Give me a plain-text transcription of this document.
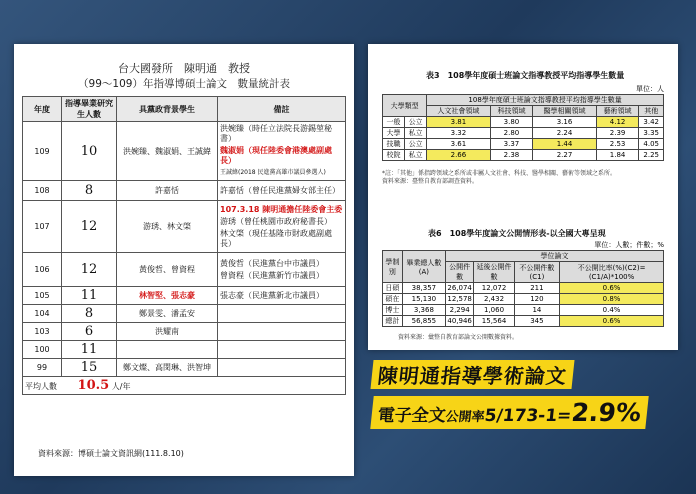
台大國發所　陳明通　教授
（99～109）年指導博碩士論文　數量統計表
年度	指導畢業研究生人數	具黨政背景學生	備註
109	10	洪婉臻、魏淑娟、王誠緯	洪婉臻（時任立法院長游錫堃秘書）
魏淑娟（現任陸委會港澳處副處長）
王誠緯(2018 民進黨高雄市議員參選人)

108	8	許嘉恬	許嘉恬（曾任民進黨婦女部主任）
107	12	游琇、林文棨	107.3.18 陳明通擔任陸委會主委
游琇（曾任桃園市政府秘書長）
林文棨（現任基隆市財政處副處長）

106	12	黃俊哲、曾資程	黃俊哲（民進黨台中市議員）
曾資程（民進黨新竹市議員）

105	11	林智堅、張志豪	張志豪（民進黨新北市議員）
104	8	鄭景雯、潘孟安	
103	6	洪耀南	
100	11		
99	15	鄭文燦、高閔琳、洪智坤	
平均人數 10.5 人/年			
資料來源：博碩士論文資訊網(111.8.10)
表3　108學年度碩士班論文指導教授平均指導學生數量
單位：人
大學類型		108學年度碩士班論文指導教授平均指導學生數量				
		人文社會領域	科技領域	醫學相關領域	藝術領域	其他
一般	公立	3.81	3.80	3.16	4.12	3.42
大學	私立	3.32	2.80	2.24	2.39	3.35
技職	公立	3.61	3.37	1.44	2.53	4.05
校院	私立	2.66	2.38	2.27	1.84	2.25
*註：「其他」係指跨領域之系所或非屬人文社會、科技、醫學相關、藝術等領域之系所。
資料來源：臺整自教育部調查資料。
表6　108學年度論文公開情形表-以全國大專呈現
單位：人數；件數；%
學制別	畢業總人數(A)	學位論文			
		公開件數	延後公開件數	不公開件數(C1)	不公開比率(%)(C2)=(C1/A)*100%
日碩	38,357	26,074	12,072	211	0.6%
碩在	15,130	12,578	2,432	120	0.8%
博士	3,368	2,294	1,060	14	0.4%
總計	56,855	40,946	15,564	345	0.6%
資料來源：彙整自教育部論文公開數據資料。
陳明通指導學術論文
電子全文公開率5/173-1=2.9%
